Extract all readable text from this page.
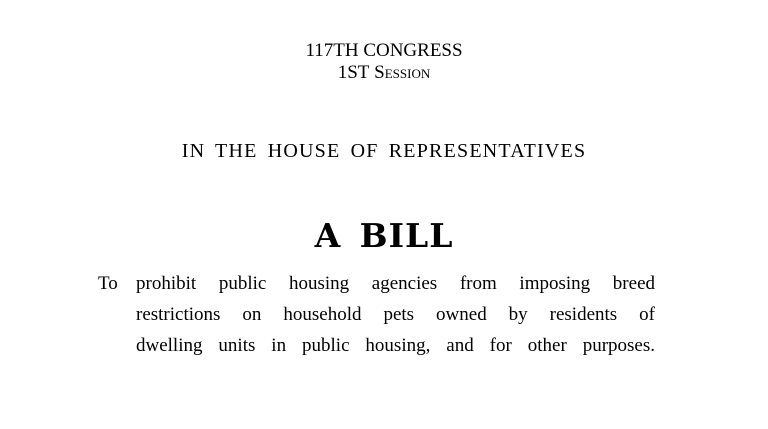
117TH CONGRESS
1ST Session
IN THE HOUSE OF REPRESENTATIVES
A BILL
To prohibit public housing agencies from imposing breed
restrictions on household pets owned by residents of
dwelling units in public housing, and for other purposes.
